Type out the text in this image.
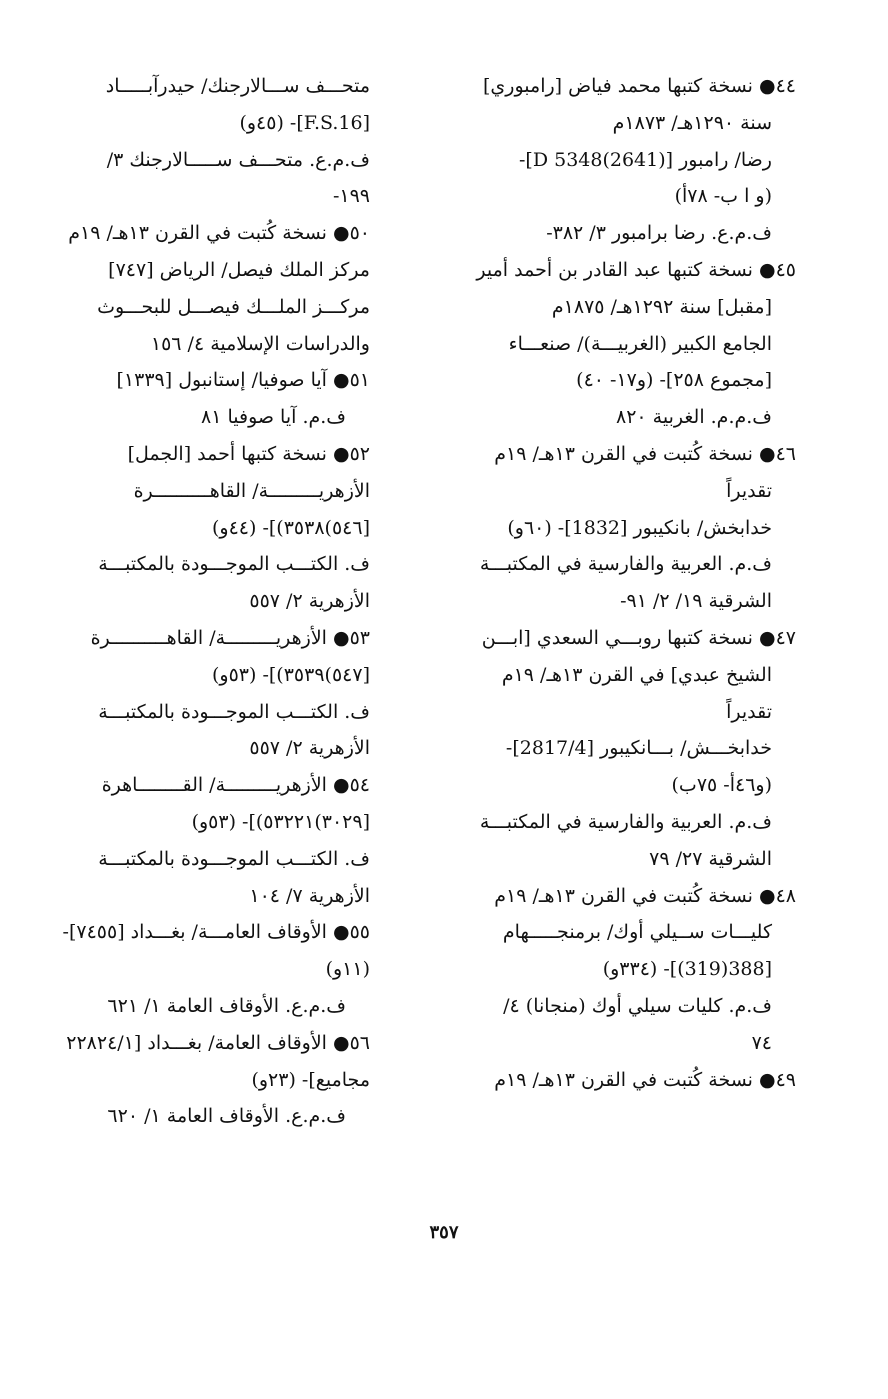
٤٤● نسخة كتبها محمد فياض [رامبوري]
سنة ١٢٩٠هـ/ ١٨٧٣م
رضا/ رامبور [D 5348(2641)]-
(و ا ب- ٧٨أ)
ف.م.ع. رضا برامبور ٣/ ٣٨٢-
٤٥● نسخة كتبها عبد القادر بن أحمد أمير
[مقبل] سنة ١٢٩٢هـ/ ١٨٧٥م
الجامع الكبير (الغربيـــة)/ صنعـــاء
[مجموع ٢٥٨]- (و١٧- ٤٠)
ف.م.م. الغربية ٨٢٠
٤٦● نسخة كُتبت في القرن ١٣هـ/ ١٩م
تقديراً
خدابخش/ بانكيبور [1832]- (٦٠و)
ف.م. العربية والفارسية في المكتبـــة
الشرقية ١٩/ ٢/ ٩١-
٤٧● نسخة كتبها روبـــي السعدي [ابـــن
الشيخ عبدي] في القرن ١٣هـ/ ١٩م
تقديراً
خدابخـــش/ بـــانكيبور [2817/4]-
(و٤٦أ- ٧٥ب)
ف.م. العربية والفارسية في المكتبـــة
الشرقية ٢٧/ ٧٩
٤٨● نسخة كُتبت في القرن ١٣هـ/ ١٩م
كليـــات ســيلي أوك/ برمنجـــــهام
[388(319)]- (٣٣٤و)
ف.م. كليات سيلي أوك (منجانا) ٤/
٧٤
٤٩● نسخة كُتبت في القرن ١٣هـ/ ١٩م
متحـــف ســـالارجنك/ حيدرآبـــــاد
[F.S.16]- (٤٥و)
ف.م.ع. متحـــف ســـــالارجنك ٣/
١٩٩-
٥٠● نسخة كُتبت في القرن ١٣هـ/ ١٩م
مركز الملك فيصل/ الرياض [٧٤٧]
مركـــز الملـــك فيصـــل للبحـــوث
والدراسات الإسلامية ٤/ ١٥٦
٥١● آيا صوفيا/ إستانبول [١٣٣٩]
ف.م. آيا صوفيا ٨١
٥٢● نسخة كتبها أحمد [الجمل]
الأزهريـــــــــة/ القاهــــــــــرة
[٥٤٦)٣٥٣٨)]- (٤٤و)
ف. الكتـــب الموجـــودة بالمكتبـــة
الأزهرية ٢/ ٥٥٧
٥٣● الأزهريـــــــــة/ القاهــــــــــرة
[٥٤٧)٣٥٣٩)]- (٥٣و)
ف. الكتـــب الموجـــودة بالمكتبـــة
الأزهرية ٢/ ٥٥٧
٥٤● الأزهريـــــــــة/ القــــــــاهرة
[٣٠٢٩)٥٣٢٢١)]- (٥٣و)
ف. الكتـــب الموجـــودة بالمكتبـــة
الأزهرية ٧/ ١٠٤
٥٥● الأوقاف العامـــة/ بغـــداد [٧٤٥٥]-
(١١و)
ف.م.ع. الأوقاف العامة ١/ ٦٢١
٥٦● الأوقاف العامة/ بغـــداد [٢٢٨٢٤/١
مجاميع]- (٢٣و)
ف.م.ع. الأوقاف العامة ١/ ٦٢٠
٣٥٧
